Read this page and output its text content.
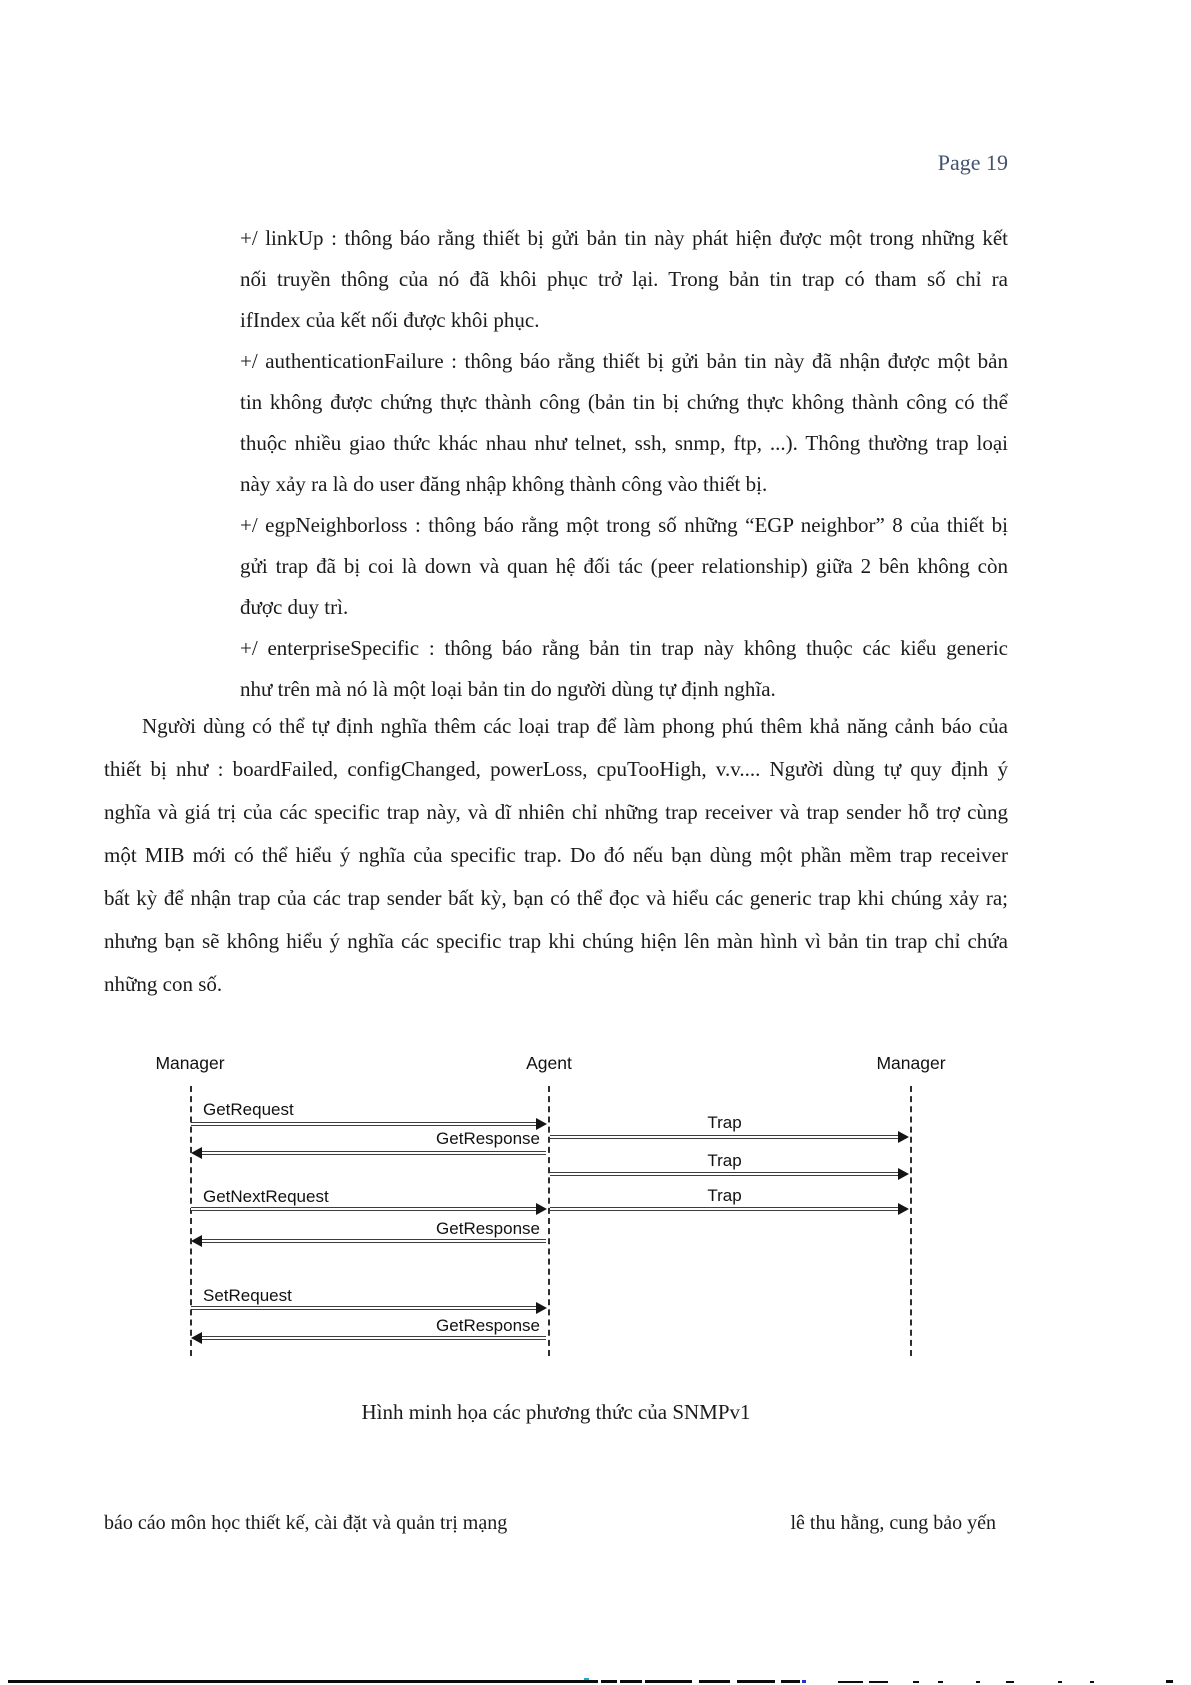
Page 19
+/ linkUp : thông báo rằng thiết bị gửi bản tin này phát hiện được một trong những kết
nối truyền thông của nó đã khôi phục trở lại. Trong bản tin trap có tham số chỉ ra
ifIndex của kết nối được khôi phục.
+/ authenticationFailure : thông báo rằng thiết bị gửi bản tin này đã nhận được một bản
tin không được chứng thực thành công (bản tin bị chứng thực không thành công có thể
thuộc nhiều giao thức khác nhau như telnet, ssh, snmp, ftp, ...). Thông thường trap loại
này xảy ra là do user đăng nhập không thành công vào thiết bị.
+/ egpNeighborloss : thông báo rằng một trong số những “EGP neighbor” 8 của thiết bị
gửi trap đã bị coi là down và quan hệ đối tác (peer relationship) giữa 2 bên không còn
được duy trì.
+/ enterpriseSpecific : thông báo rằng bản tin trap này không thuộc các kiểu generic
như trên mà nó là một loại bản tin do người dùng tự định nghĩa.
Người dùng có thể tự định nghĩa thêm các loại trap để làm phong phú thêm khả năng cảnh báo của
thiết bị như : boardFailed, configChanged, powerLoss, cpuTooHigh, v.v.... Người dùng tự quy định ý
nghĩa và giá trị của các specific trap này, và dĩ nhiên chỉ những trap receiver và trap sender hỗ trợ cùng
một MIB mới có thể hiểu ý nghĩa của specific trap. Do đó nếu bạn dùng một phần mềm trap receiver
bất kỳ để nhận trap của các trap sender bất kỳ, bạn có thể đọc và hiểu các generic trap khi chúng xảy ra;
nhưng bạn sẽ không hiểu ý nghĩa các specific trap khi chúng hiện lên màn hình vì bản tin trap chỉ chứa
những con số.
Manager	Agent	Manager
GetRequest
GetResponse
Trap
Trap
Trap
GetNextRequest
GetResponse
SetRequest
GetResponse
Hình minh họa các phương thức của SNMPv1
báo cáo môn học thiết kế, cài đặt và quản trị mạng	lê thu hằng, cung bảo yến
